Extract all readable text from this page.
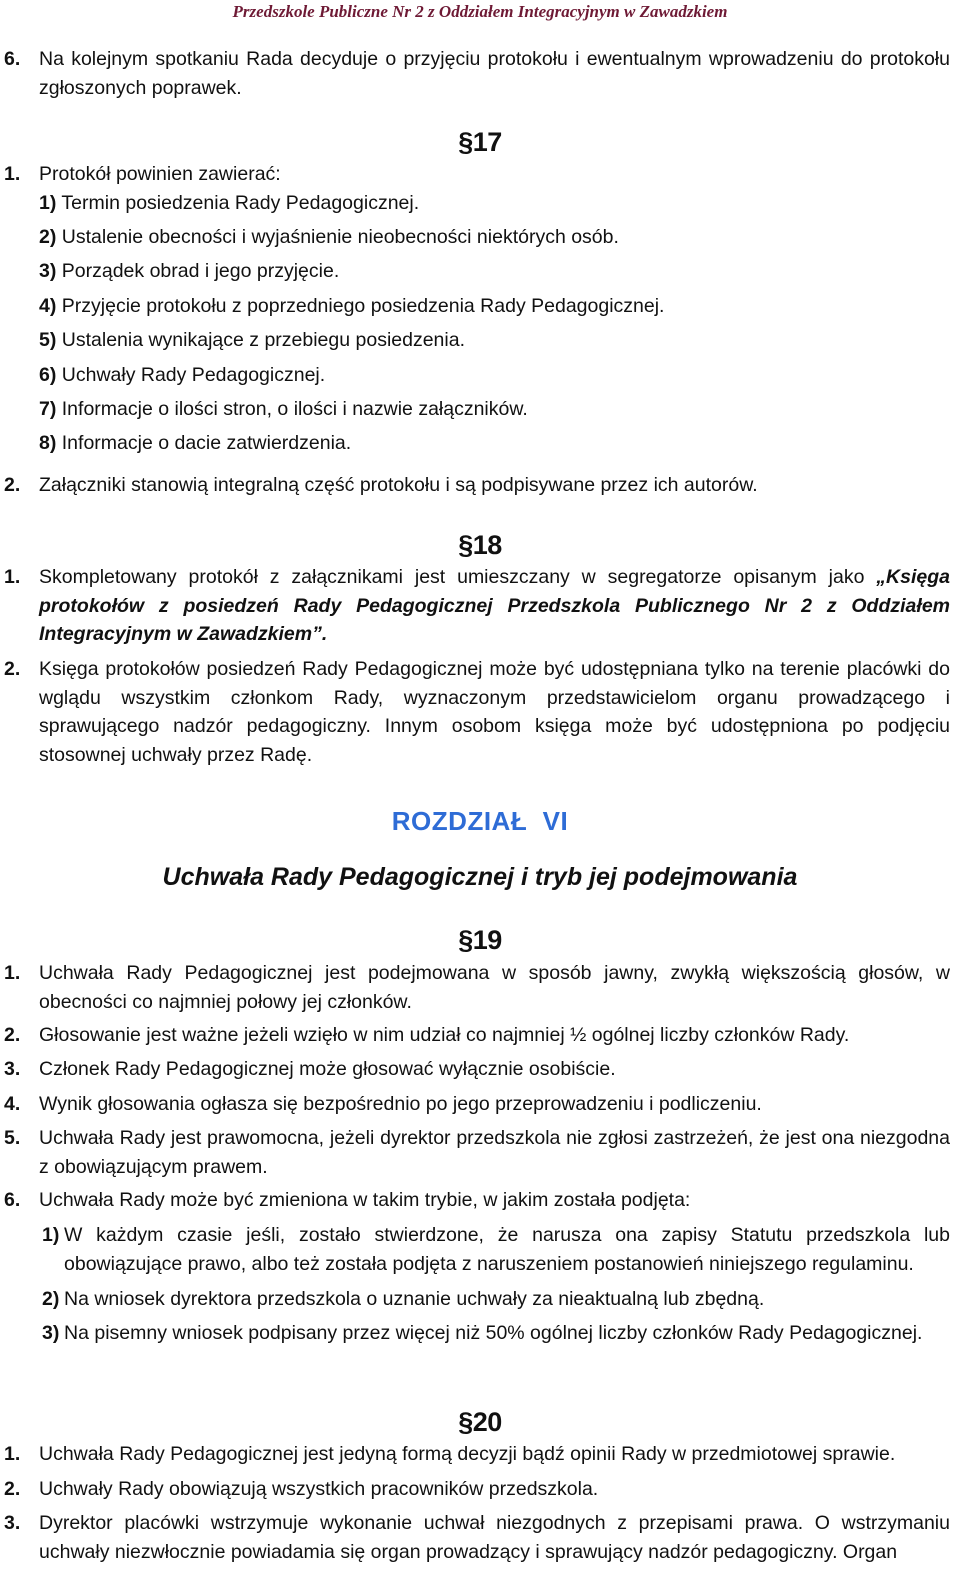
Przedszkole Publiczne Nr 2 z Oddziałem Integracyjnym w Zawadzkiem
6. Na kolejnym spotkaniu Rada decyduje o przyjęciu protokołu i ewentualnym wprowadzeniu do protokołu zgłoszonych poprawek.
§17
1. Protokół powinien zawierać:
1) Termin posiedzenia Rady Pedagogicznej.
2) Ustalenie obecności i wyjaśnienie nieobecności niektórych osób.
3) Porządek obrad i jego przyjęcie.
4) Przyjęcie protokołu z poprzedniego posiedzenia Rady Pedagogicznej.
5) Ustalenia wynikające z przebiegu posiedzenia.
6) Uchwały Rady Pedagogicznej.
7) Informacje o ilości stron, o ilości i nazwie załączników.
8) Informacje o dacie zatwierdzenia.
2. Załączniki stanowią integralną część protokołu i są podpisywane przez ich autorów.
§18
1. Skompletowany protokół z załącznikami jest umieszczany w segregatorze opisanym jako „Księga protokołów z posiedzeń Rady Pedagogicznej Przedszkola Publicznego Nr 2 z Oddziałem Integracyjnym w Zawadzkiem”.
2. Księga protokołów posiedzeń Rady Pedagogicznej może być udostępniana tylko na terenie placówki do wglądu wszystkim członkom Rady, wyznaczonym przedstawicielom organu prowadzącego i sprawującego nadzór pedagogiczny. Innym osobom księga może być udostępniona po podjęciu stosownej uchwały przez Radę.
ROZDZIAŁ  VI
Uchwała Rady Pedagogicznej i tryb jej podejmowania
§19
1. Uchwała Rady Pedagogicznej jest podejmowana w sposób jawny, zwykłą większością głosów, w obecności co najmniej połowy jej członków.
2. Głosowanie jest ważne jeżeli wzięło w nim udział co najmniej ½ ogólnej liczby członków Rady.
3. Członek Rady Pedagogicznej może głosować wyłącznie osobiście.
4. Wynik głosowania ogłasza się bezpośrednio po jego przeprowadzeniu i podliczeniu.
5. Uchwała Rady jest prawomocna, jeżeli dyrektor przedszkola nie zgłosi zastrzeżeń, że jest ona niezgodna z obowiązującym prawem.
6. Uchwała Rady może być zmieniona w takim trybie, w jakim została podjęta:
1) W każdym czasie jeśli, zostało stwierdzone, że narusza ona zapisy Statutu przedszkola lub obowiązujące prawo, albo też została podjęta z naruszeniem postanowień niniejszego regulaminu.
2) Na wniosek dyrektora przedszkola o uznanie uchwały za nieaktualną lub zbędną.
3) Na pisemny wniosek podpisany przez więcej niż 50% ogólnej liczby członków Rady Pedagogicznej.
§20
1. Uchwała Rady Pedagogicznej jest jedyną formą decyzji bądź opinii Rady w przedmiotowej sprawie.
2. Uchwały Rady obowiązują wszystkich pracowników przedszkola.
3. Dyrektor placówki wstrzymuje wykonanie uchwał niezgodnych z przepisami prawa. O wstrzymaniu uchwały niezwłocznie powiadamia się organ prowadzący i sprawujący nadzór pedagogiczny. Organ
